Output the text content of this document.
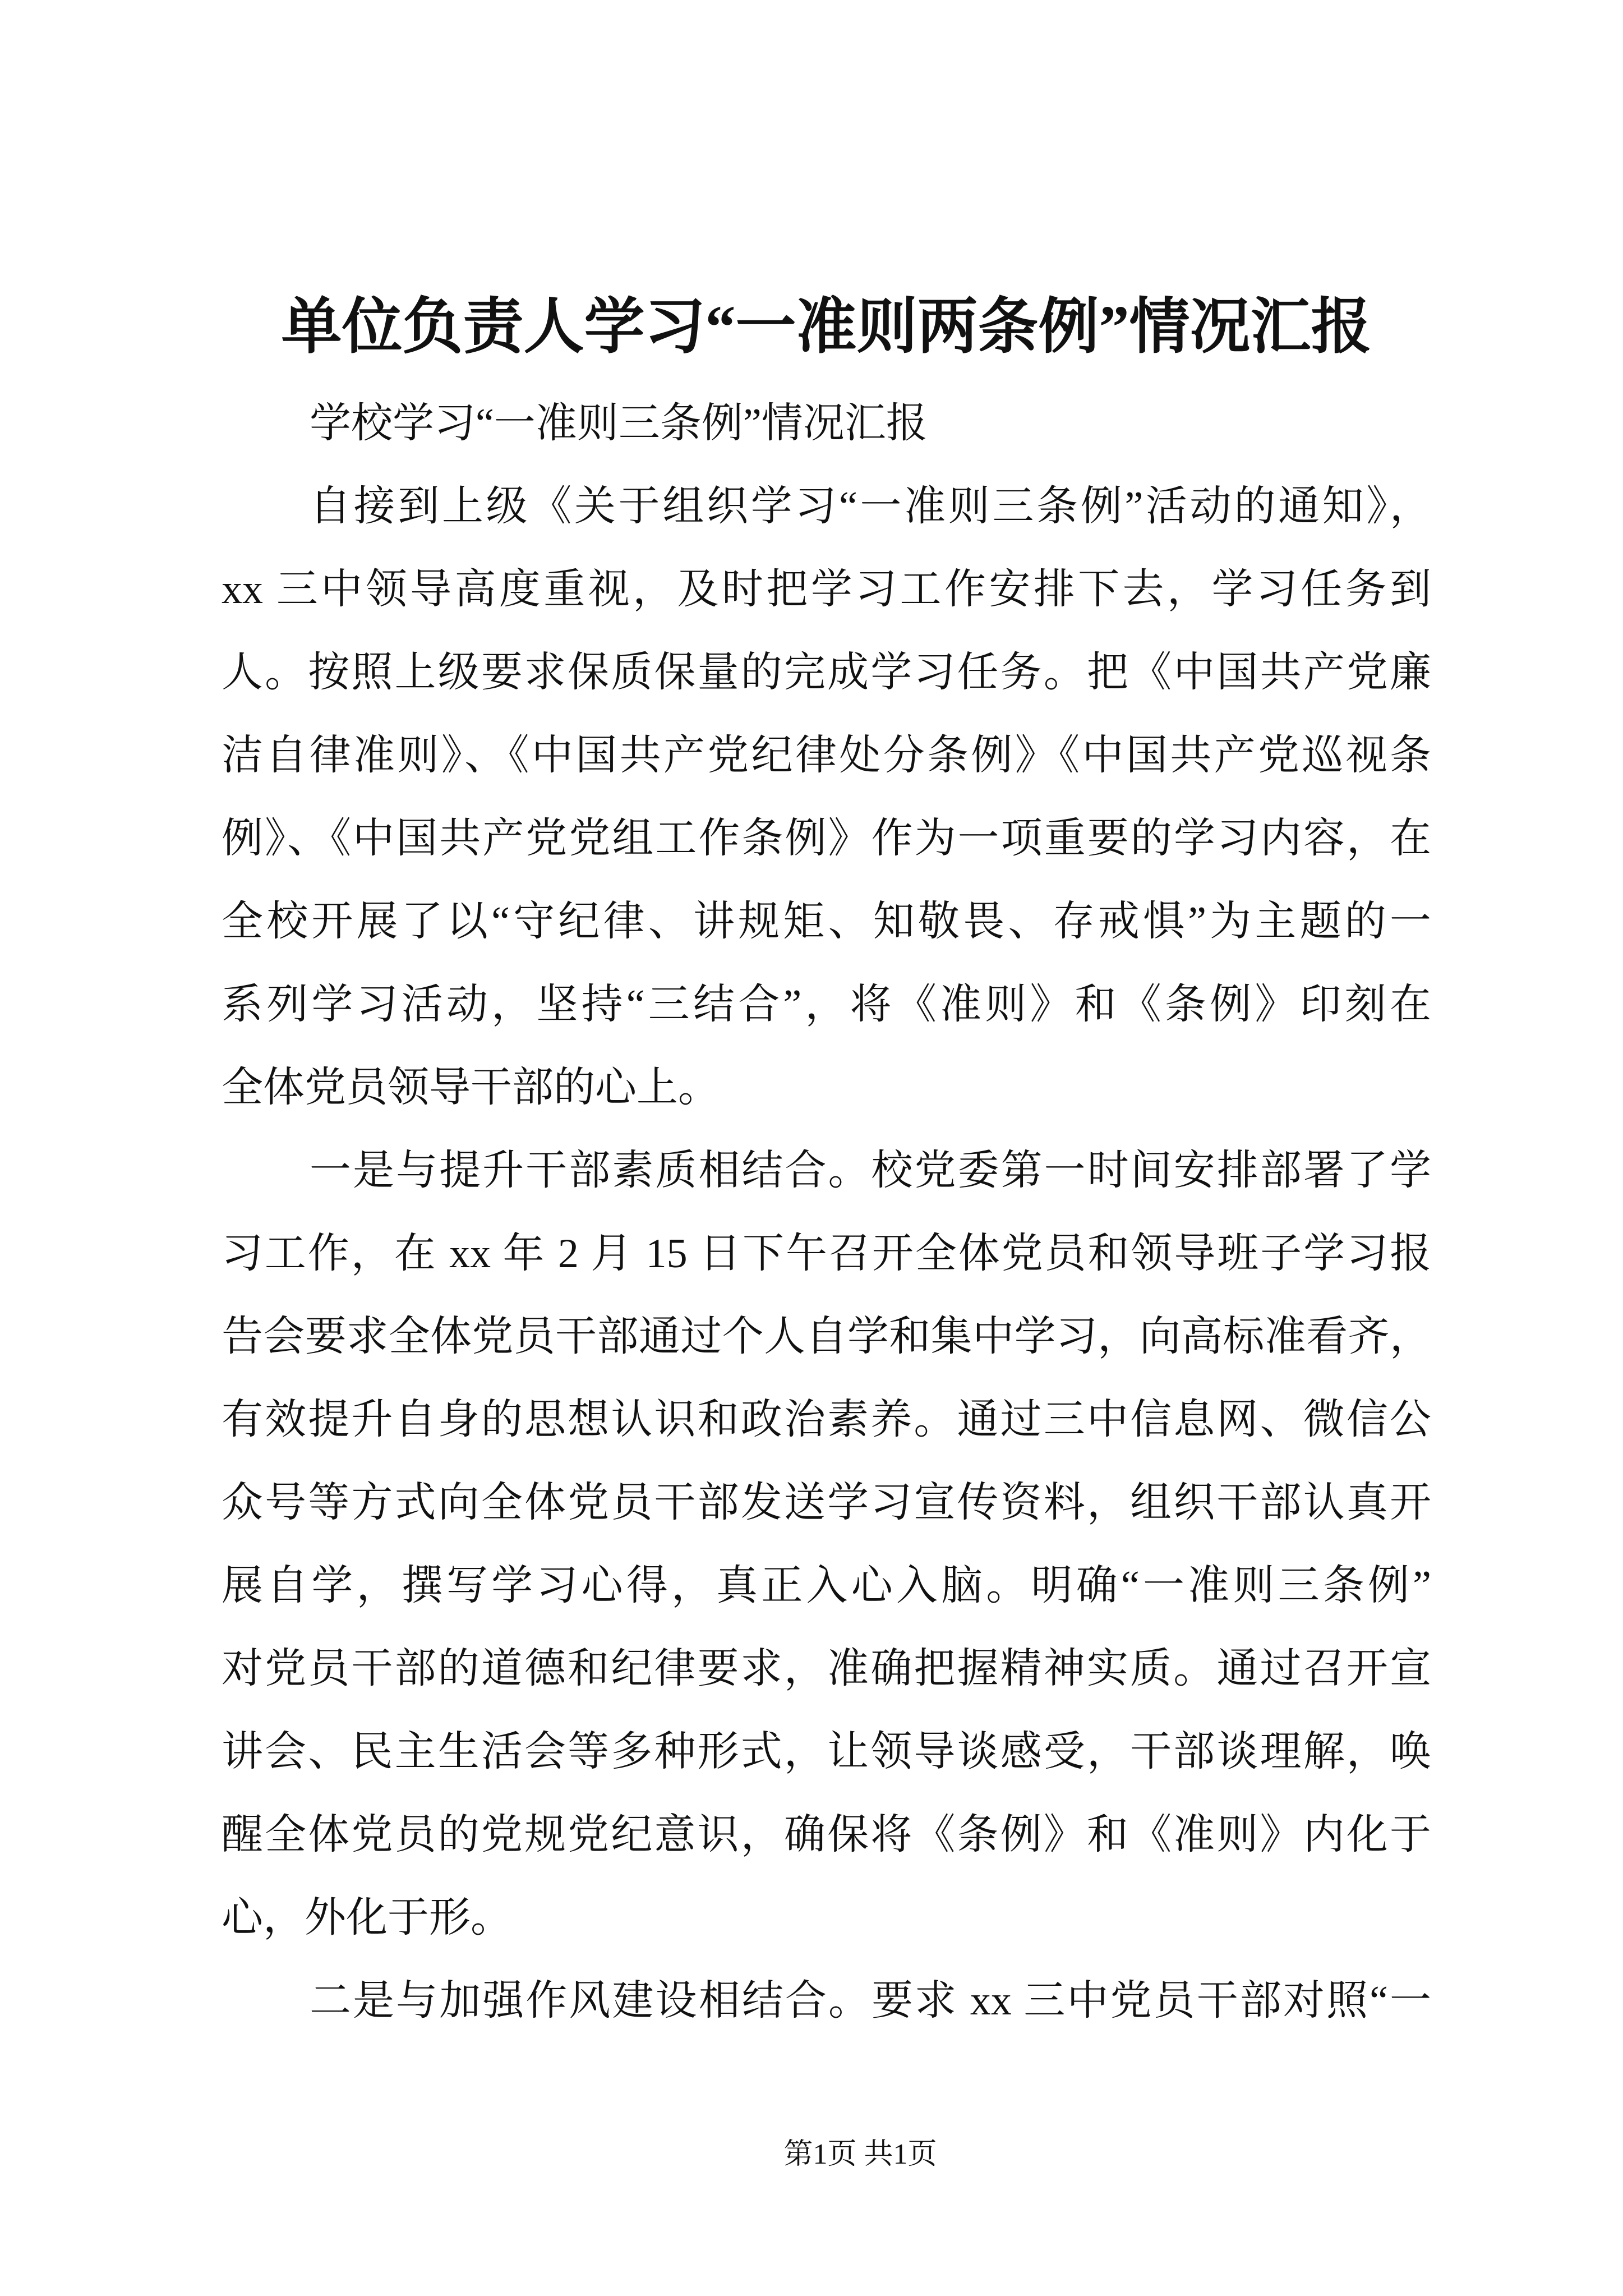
单位负责人学习“一准则两条例”情况汇报
学校学习“一准则三条例”情况汇报
自接到上级《关于组织学习“一准则三条例”活动的通知》，
xx 三中领导高度重视，及时把学习工作安排下去，学习任务到
人。按照上级要求保质保量的完成学习任务。把《中国共产党廉
洁自律准则》、《中国共产党纪律处分条例》《中国共产党巡视条
例》、《中国共产党党组工作条例》作为一项重要的学习内容，在
全校开展了以“守纪律、讲规矩、知敬畏、存戒惧”为主题的一
系列学习活动，坚持“三结合”，将《准则》和《条例》印刻在
全体党员领导干部的心上。
一是与提升干部素质相结合。校党委第一时间安排部署了学
习工作，在 xx 年 2 月 15 日下午召开全体党员和领导班子学习报
告会要求全体党员干部通过个人自学和集中学习，向高标准看齐，
有效提升自身的思想认识和政治素养。通过三中信息网、微信公
众号等方式向全体党员干部发送学习宣传资料，组织干部认真开
展自学，撰写学习心得，真正入心入脑。明确“一准则三条例”
对党员干部的道德和纪律要求，准确把握精神实质。通过召开宣
讲会、民主生活会等多种形式，让领导谈感受，干部谈理解，唤
醒全体党员的党规党纪意识，确保将《条例》和《准则》内化于
心，外化于形。
二是与加强作风建设相结合。要求 xx 三中党员干部对照“一
第1页 共1页
